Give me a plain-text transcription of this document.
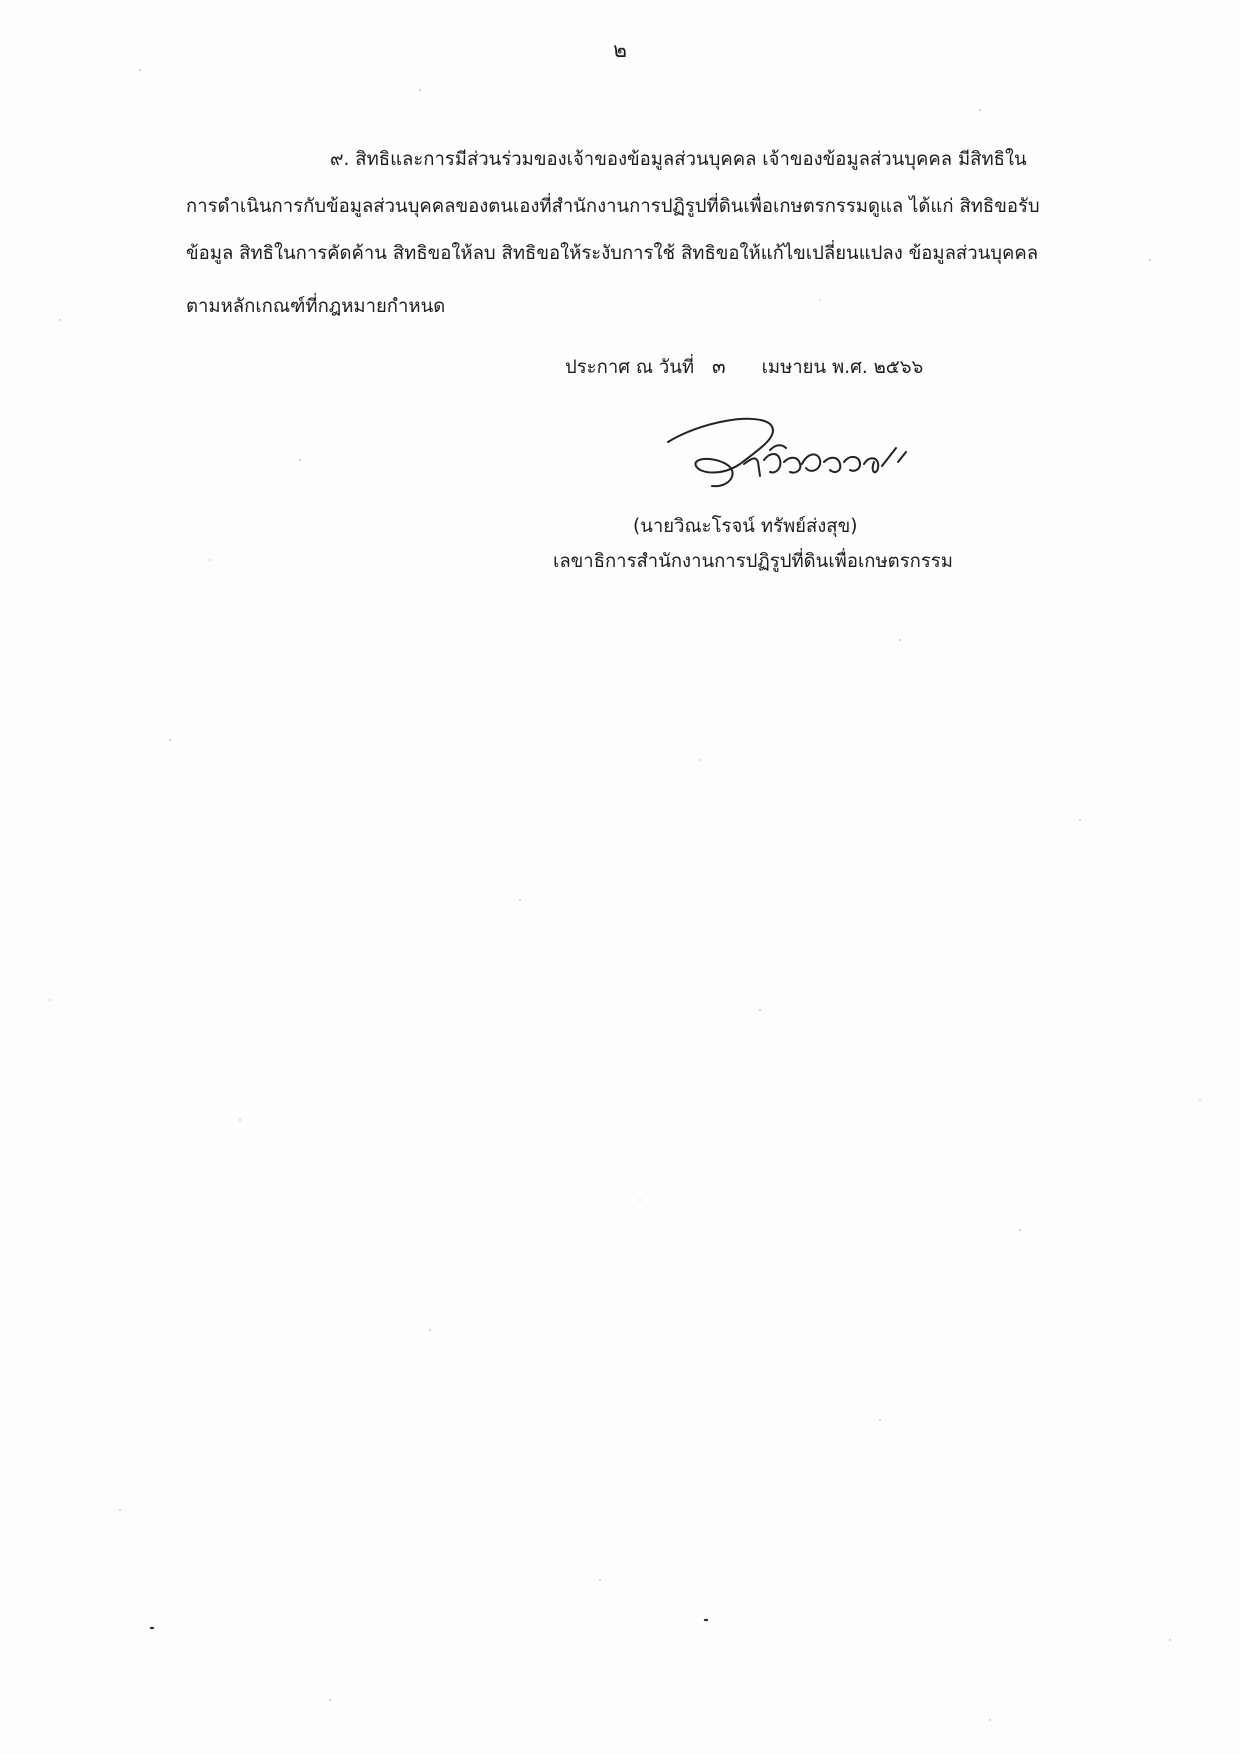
๒
๙. สิทธิและการมีส่วนร่วมของเจ้าของข้อมูลส่วนบุคคล เจ้าของข้อมูลส่วนบุคคล มีสิทธิใน
การดำเนินการกับข้อมูลส่วนบุคคลของตนเองที่สำนักงานการปฏิรูปที่ดินเพื่อเกษตรกรรมดูแล ได้แก่ สิทธิขอรับ
ข้อมูล สิทธิในการคัดค้าน สิทธิขอให้ลบ สิทธิขอให้ระงับการใช้ สิทธิขอให้แก้ไขเปลี่ยนแปลง ข้อมูลส่วนบุคคล
ตามหลักเกณฑ์ที่กฎหมายกำหนด
ประกาศ ณ วันที่ ๓ เมษายน พ.ศ. ๒๕๖๖
(นายวิณะโรจน์ ทรัพย์ส่งสุข)
เลขาธิการสำนักงานการปฏิรูปที่ดินเพื่อเกษตรกรรม
